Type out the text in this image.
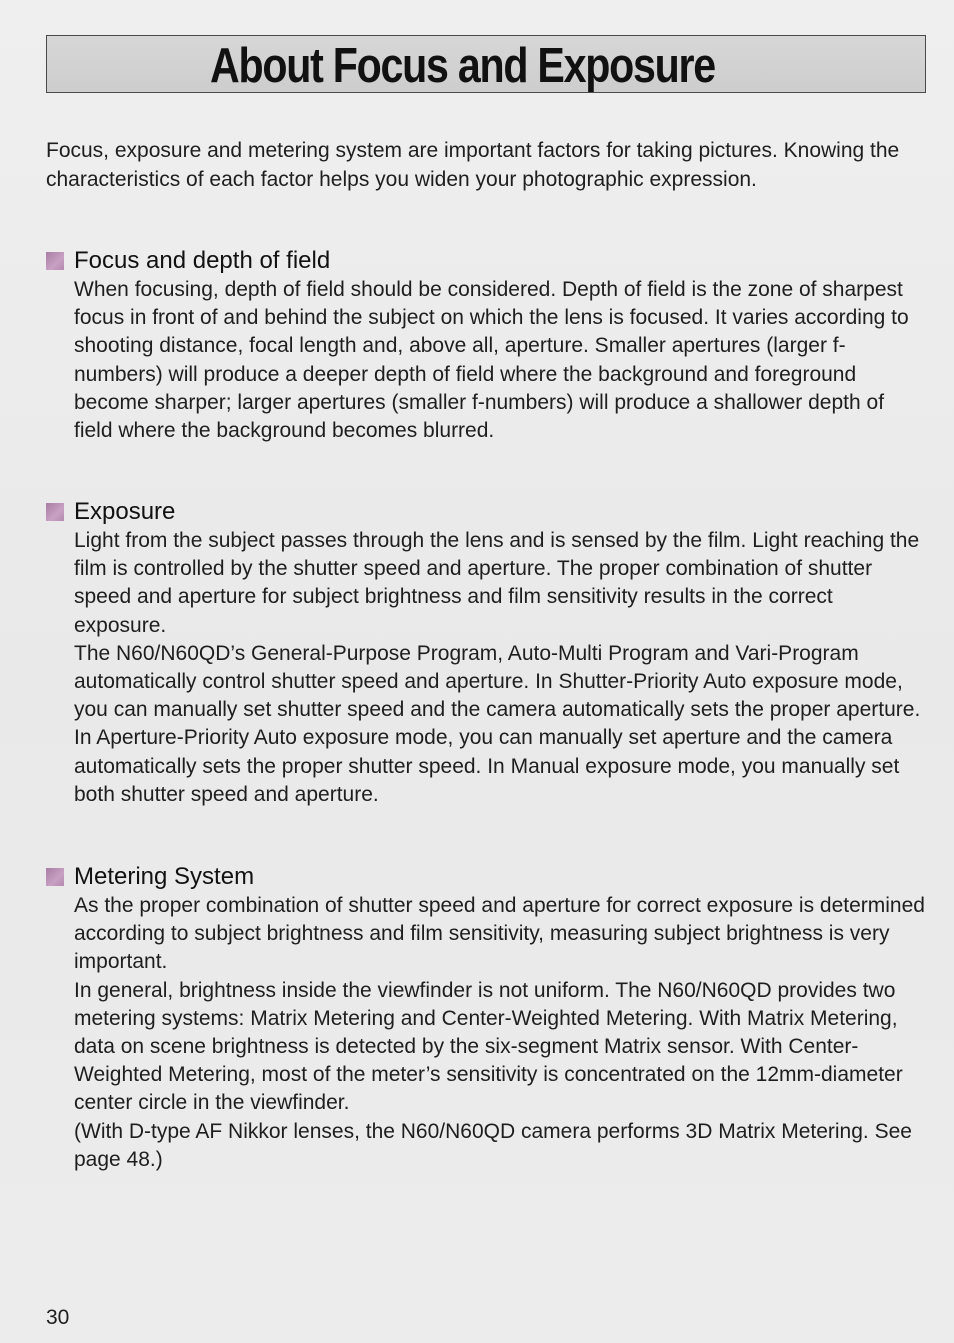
About Focus and Exposure

Focus, exposure and metering system are important factors for taking pictures. Knowing the characteristics of each factor helps you widen your photographic expression.

Focus and depth of field

When focusing, depth of field should be considered. Depth of field is the zone of sharpest focus in front of and behind the subject on which the lens is focused. It varies according to shooting distance, focal length and, above all, aperture. Smaller apertures (larger f-numbers) will produce a deeper depth of field where the background and foreground become sharper; larger apertures (smaller f-numbers) will produce a shallower depth of field where the background becomes blurred.

Exposure

Light from the subject passes through the lens and is sensed by the film. Light reaching the film is controlled by the shutter speed and aperture. The proper combination of shutter speed and aperture for subject brightness and film sensitivity results in the correct exposure.

The N60/N60QD’s General-Purpose Program, Auto-Multi Program and Vari-Program automatically control shutter speed and aperture. In Shutter-Priority Auto exposure mode, you can manually set shutter speed and the camera automatically sets the proper aperture. In Aperture-Priority Auto exposure mode, you can manually set aperture and the camera automatically sets the proper shutter speed. In Manual exposure mode, you manually set both shutter speed and aperture.

Metering System

As the proper combination of shutter speed and aperture for correct exposure is determined according to subject brightness and film sensitivity, measuring subject brightness is very important.

In general, brightness inside the viewfinder is not uniform. The N60/N60QD provides two metering systems: Matrix Metering and Center-Weighted Metering. With Matrix Metering, data on scene brightness is detected by the six-segment Matrix sensor. With Center-Weighted Metering, most of the meter’s sensitivity is concentrated on the 12mm-diameter center circle in the viewfinder.

(With D-type AF Nikkor lenses, the N60/N60QD camera performs 3D Matrix Metering. See page 48.)

30
